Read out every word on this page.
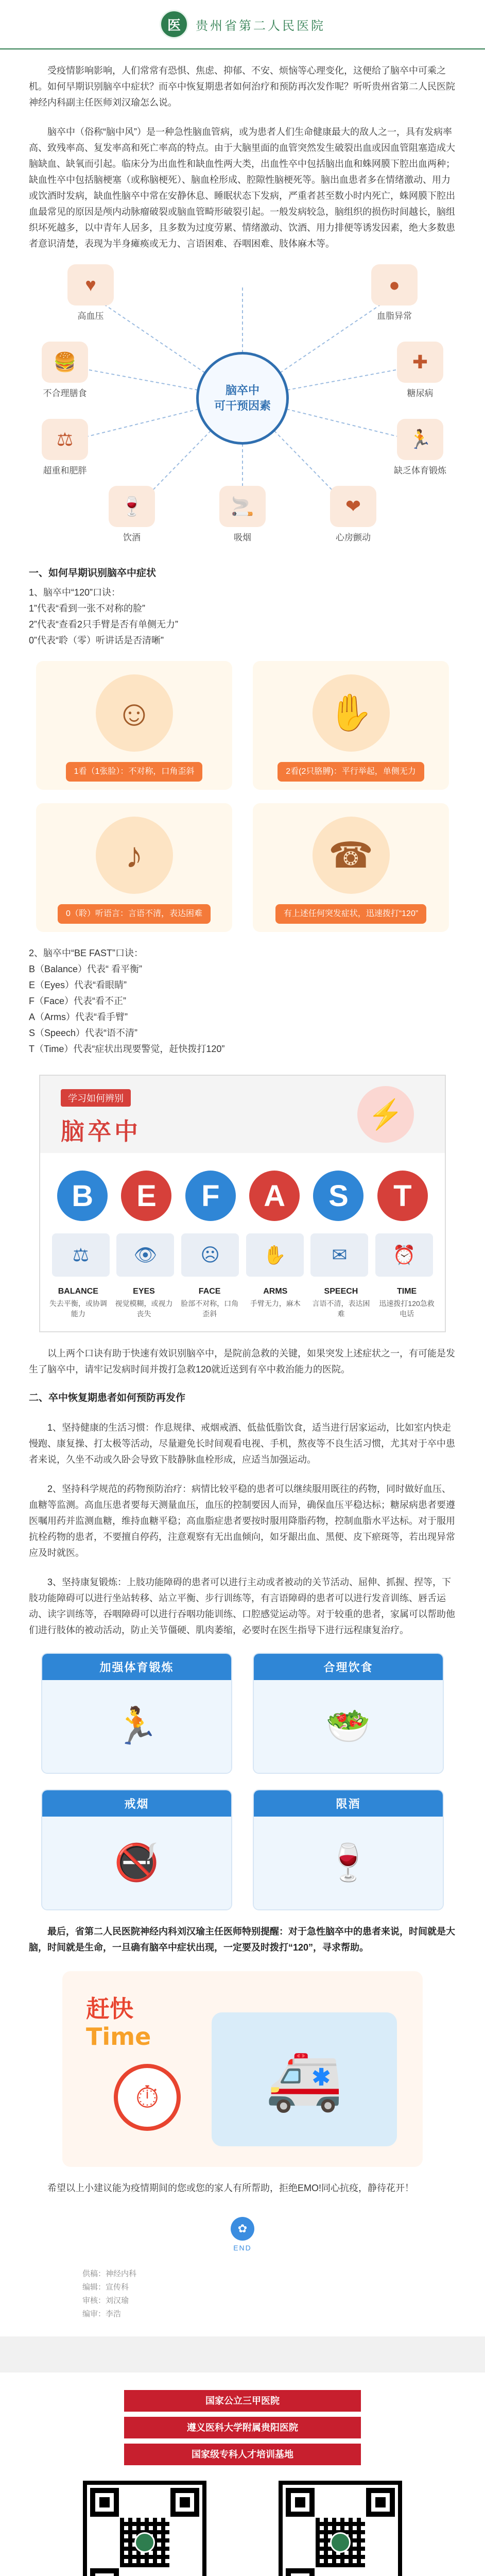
医	贵州省第二人民医院

受疫情影响影响，人们常常有恐惧、焦虑、抑郁、不安、烦恼等心理变化，这便给了脑卒中可乘之机。如何早期识别脑卒中症状？而卒中恢复期患者如何治疗和预防再次发作呢？听听贵州省第二人民医院神经内科副主任医师刘汉瑜怎么说。

脑卒中（俗称“脑中风”）是一种急性脑血管病，或为患者人们生命健康最大的敌人之一，具有发病率高、致残率高、复发率高和死亡率高的特点。由于大脑里面的血管突然发生破裂出血或因血管阻塞造成大脑缺血、缺氧而引起。临床分为出血性和缺血性两大类，出血性卒中包括脑出血和蛛网膜下腔出血两种；缺血性卒中包括脑梗塞（或称脑梗死）、脑血栓形成、腔隙性脑梗死等。脑出血患者多在情绪激动、用力或饮酒时发病，缺血性脑卒中常在安静休息、睡眠状态下发病，严重者甚至数小时内死亡，蛛网膜下腔出血最常见的原因是颅内动脉瘤破裂或脑血管畸形破裂引起。一般发病较急，脑组织的损伤时间越长，脑组织坏死越多，以中青年人居多，且多数为过度劳累、情绪激动、饮酒、用力排便等诱发因素，绝大多数患者意识清楚，表现为半身瘫痪或无力、言语困难、吞咽困难、肢体麻木等。

脑卒中
可干预因素
♥
高血压
●
血脂异常
🍔
不合理膳食
⚖
超重和肥胖
🍷
饮酒
🚬
吸烟
✚
糖尿病
❤
心房颤动
🏃
缺乏体育锻炼
一、如何早期识别脑卒中症状
1、脑卒中“120”口诀：
1”代表“看到一张不对称的脸”
2”代表“查看2只手臂是否有单侧无力”
0”代表“聆（零）听讲话是否清晰”
☺
1看（1张脸）：不对称，口角歪斜
✋
2看(2只胳膊)：平行举起，单侧无力
♪
0（聆）听语言：言语不清，表达困难
☎
有上述任何突发症状，迅速拨打“120”
2、脑卒中“BE FAST”口诀：
B（Balance）代表“ 看平衡”
E（Eyes）代表“看眼睛”
F（Face）代表“看不正”
A（Arms）代表“看手臂”
S（Speech）代表“语不清”
T（Time）代表“症状出现要警觉，赶快拨打120”
学习如何辨别
脑卒中
⚡
B	E	F	A	S	T
⚖	👁	☹	✋	✉	⏰
BALANCE
失去平衡，或协调能力
EYES
视觉模糊，或视力丧失
FACE
脸部不对称，口角歪斜
ARMS
手臂无力，麻木
SPEECH
言语不清，表达困难
TIME
迅速拨打120急救电话

以上两个口诀有助于快速有效识别脑卒中，是院前急救的关键，如果突发上述症状之一，有可能是发生了脑卒中，请牢记发病时间并拨打急救120就近送到有卒中救治能力的医院。

二、卒中恢复期患者如何预防再发作

1、坚持健康的生活习惯：作息规律、戒烟戒酒、低盐低脂饮食，适当进行居家运动，比如室内快走慢跑、康复操、打太极等活动，尽量避免长时间观看电视、手机，熬夜等不良生活习惯，尤其对于卒中患者来说，久坐不动或久卧会导致下肢静脉血栓形成，应适当加强运动。

2、坚持科学规范的药物预防治疗：病情比较平稳的患者可以继续服用既往的药物，同时做好血压、血糖等监测。高血压患者要每天测量血压，血压的控制要因人而异，确保血压平稳达标；糖尿病患者要遵医嘱用药并监测血糖，维持血糖平稳；高血脂症患者要按时服用降脂药物，控制血脂水平达标。对于服用抗栓药物的患者，不要擅自停药，注意观察有无出血倾向，如牙龈出血、黑便、皮下瘀斑等，若出现异常应及时就医。

3、坚持康复锻炼：上肢功能障碍的患者可以进行主动或者被动的关节活动、屈伸、抓握、捏等，下肢功能障碍可以进行坐站转移、站立平衡、步行训练等，有言语障碍的患者可以进行发音训练、唇舌运动、读字训练等，吞咽障碍可以进行吞咽功能训练、口腔感觉运动等。对于较重的患者，家属可以帮助他们进行肢体的被动活动，防止关节僵硬、肌肉萎缩，必要时在医生指导下进行远程康复治疗。

加强体育锻炼
🏃
合理饮食
🥗
戒烟
🚭
限酒
🍷

最后，省第二人民医院神经内科刘汉瑜主任医师特别提醒：对于急性脑卒中的患者来说，时间就是大脑，时间就是生命，一旦确有脑卒中症状出现，一定要及时拨打“120”，寻求帮助。

赶快
Time
⏱	🚑

希望以上小建议能为疫情期间的您或您的家人有所帮助，拒绝EMO!同心抗疫，静待花开！

✿
END
供稿：神经内科
编辑：宣传科
审核：刘汉瑜
编审：李浩
国家公立三甲医院
遵义医科大学附属贵阳医院
国家级专科人才培训基地
